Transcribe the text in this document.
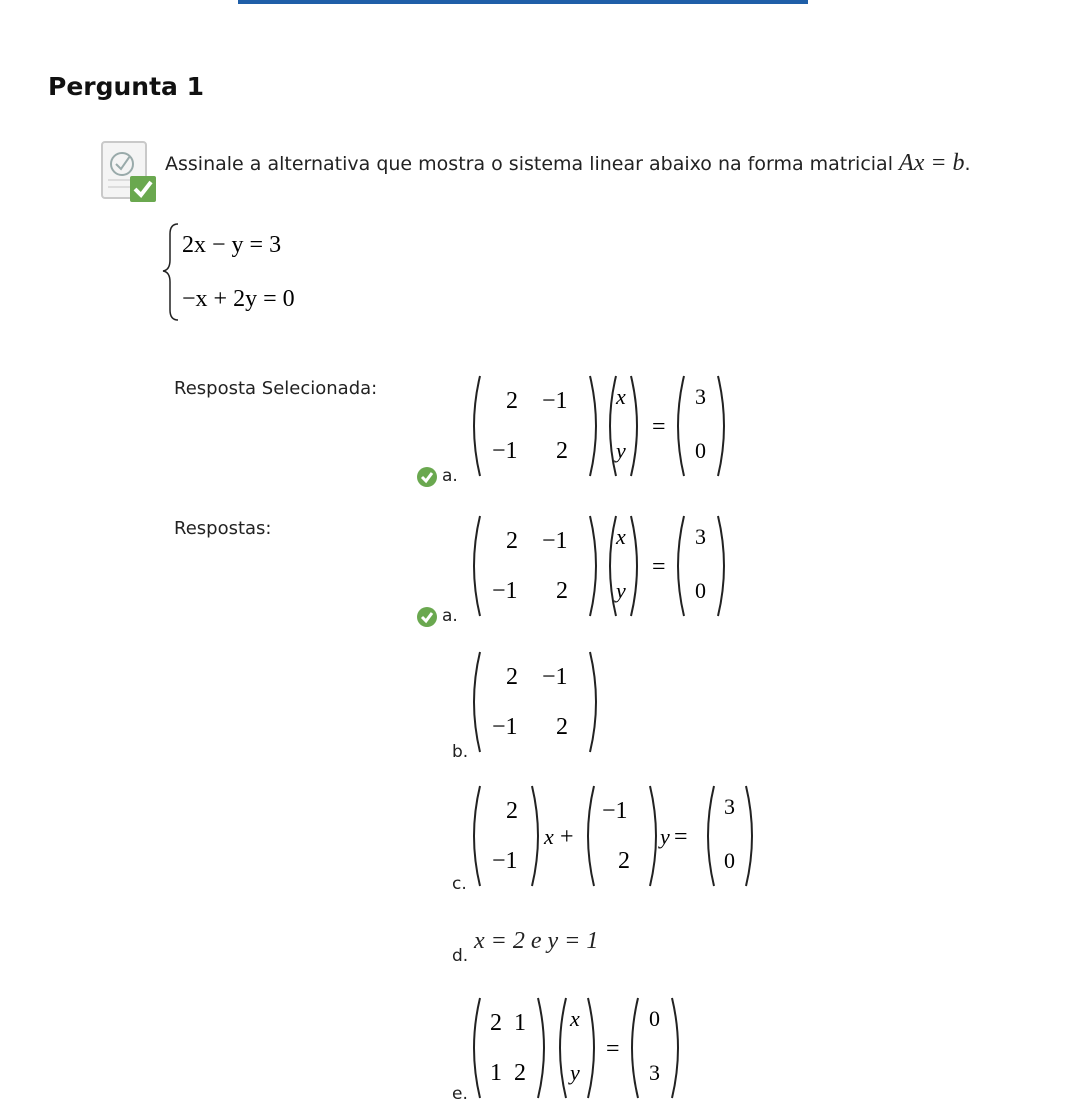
Pergunta 1
Assinale a alternativa que mostra o sistema linear abaixo na forma matricial Ax = b.
2x − y = 3
−x + 2y = 0
Resposta Selecionada:
a.
2 −1
−1 2
x
y
=
3
0
Respostas:
a.
2 −1
−1 2
x
y
=
3
0
b.
2 −1
−1 2
c.
2
−1
x +
−1
2
y =
3
0
d.
x = 2 e y = 1
e.
2 1
1 2
x
y
=
0
3
